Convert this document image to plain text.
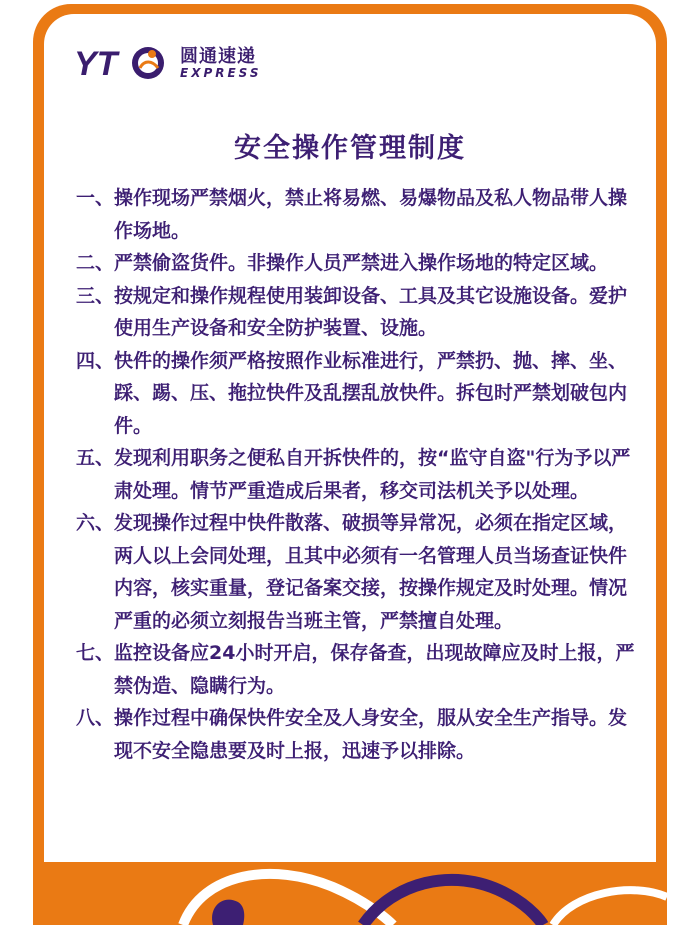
YT	圆通速递
EXPRESS
安全操作管理制度
一、 操作现场严禁烟火，禁止将易燃、易爆物品及私人物品带人操作场地。
二、 严禁偷盗货件。非操作人员严禁进入操作场地的特定区域。
三、 按规定和操作规程使用装卸设备、工具及其它设施设备。爱护使用生产设备和安全防护装置、设施。
四、 快件的操作须严格按照作业标准进行，严禁扔、抛、摔、坐、踩、踢、压、拖拉快件及乱摆乱放快件。拆包时严禁划破包内件。
五、 发现利用职务之便私自开拆快件的，按“监守自盗"行为予以严肃处理。情节严重造成后果者，移交司法机关予以处理。
六、 发现操作过程中快件散落、破损等异常况，必须在指定区域，两人以上会同处理，且其中必须有一名管理人员当场查证快件内容，核实重量，登记备案交接，按操作规定及时处理。情况严重的必须立刻报告当班主管，严禁擅自处理。
七、 监控设备应24小时开启，保存备查，出现故障应及时上报，严禁伪造、隐瞒行为。
八、 操作过程中确保快件安全及人身安全，服从安全生产指导。发现不安全隐患要及时上报，迅速予以排除。
